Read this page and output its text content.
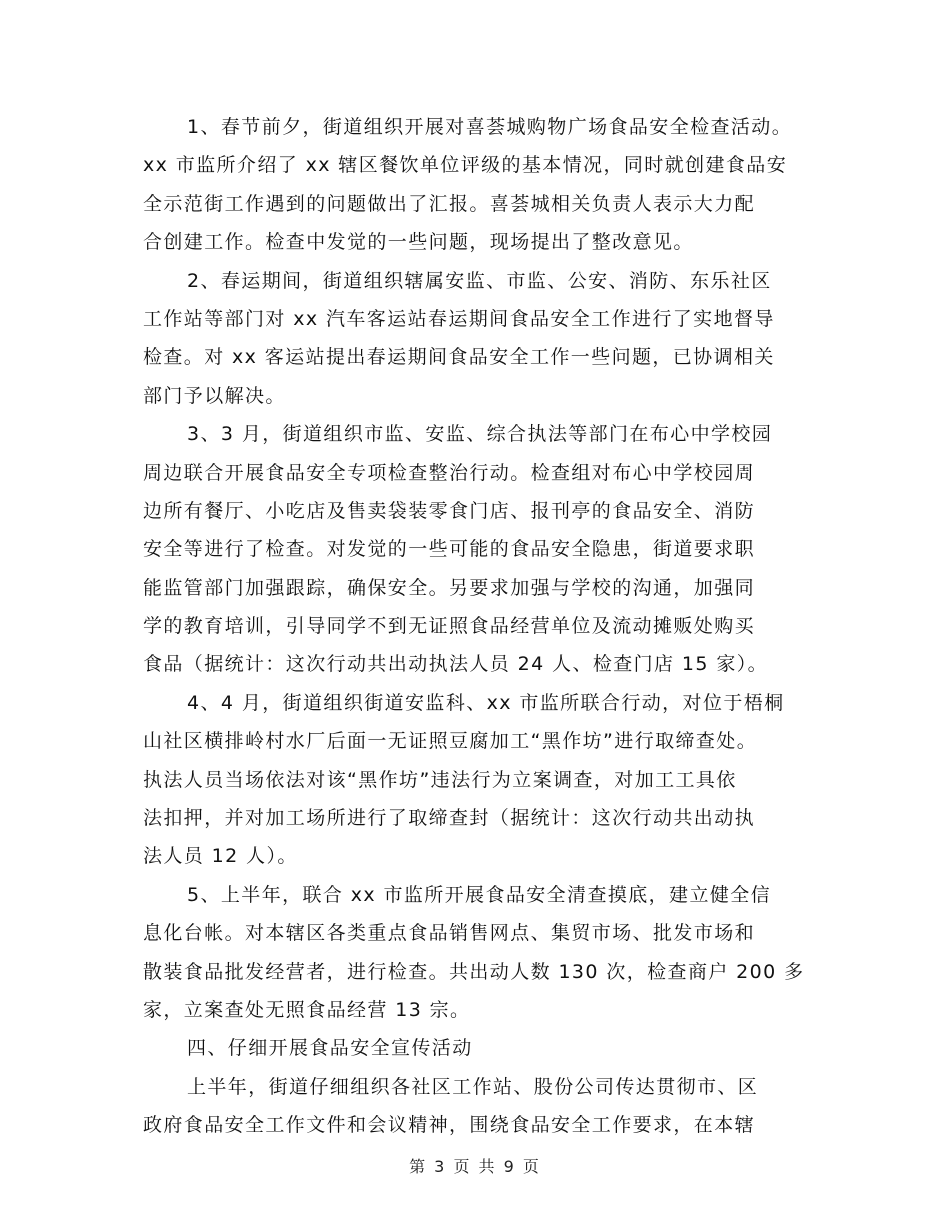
1、春节前夕，街道组织开展对喜荟城购物广场食品安全检查活动。
xx 市监所介绍了 xx 辖区餐饮单位评级的基本情况，同时就创建食品安
全示范街工作遇到的问题做出了汇报。喜荟城相关负责人表示大力配
合创建工作。检查中发觉的一些问题，现场提出了整改意见。
2、春运期间，街道组织辖属安监、市监、公安、消防、东乐社区
工作站等部门对 xx 汽车客运站春运期间食品安全工作进行了实地督导
检查。对 xx 客运站提出春运期间食品安全工作一些问题，已协调相关
部门予以解决。
3、3 月，街道组织市监、安监、综合执法等部门在布心中学校园
周边联合开展食品安全专项检查整治行动。检查组对布心中学校园周
边所有餐厅、小吃店及售卖袋装零食门店、报刊亭的食品安全、消防
安全等进行了检查。对发觉的一些可能的食品安全隐患，街道要求职
能监管部门加强跟踪，确保安全。另要求加强与学校的沟通，加强同
学的教育培训，引导同学不到无证照食品经营单位及流动摊贩处购买
食品（据统计：这次行动共出动执法人员 24 人、检查门店 15 家）。
4、4 月，街道组织街道安监科、xx 市监所联合行动，对位于梧桐
山社区横排岭村水厂后面一无证照豆腐加工“黑作坊”进行取缔查处。
执法人员当场依法对该“黑作坊”违法行为立案调查，对加工工具依
法扣押，并对加工场所进行了取缔查封（据统计：这次行动共出动执
法人员 12 人）。
5、上半年，联合 xx 市监所开展食品安全清查摸底，建立健全信
息化台帐。对本辖区各类重点食品销售网点、集贸市场、批发市场和
散装食品批发经营者，进行检查。共出动人数 130 次，检查商户 200 多
家，立案查处无照食品经营 13 宗。
四、仔细开展食品安全宣传活动
上半年，街道仔细组织各社区工作站、股份公司传达贯彻市、区
政府食品安全工作文件和会议精神，围绕食品安全工作要求，在本辖
第 3 页 共 9 页
